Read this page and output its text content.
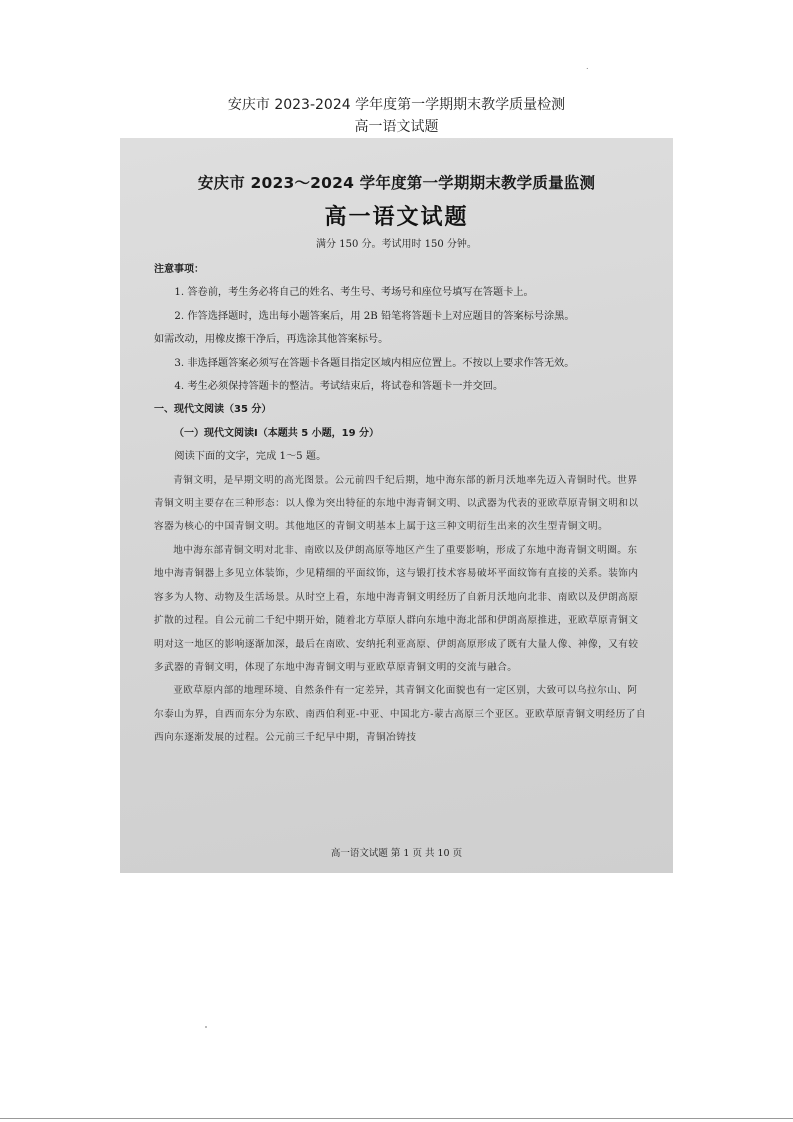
.
安庆市 2023-2024 学年度第一学期期末教学质量检测
高一语文试题
安庆市 2023～2024 学年度第一学期期末教学质量监测
高一语文试题
满分 150 分。考试用时 150 分钟。

注意事项：

1. 答卷前，考生务必将自己的姓名、考生号、考场号和座位号填写在答题卡上。

2. 作答选择题时，选出每小题答案后，用 2B 铅笔将答题卡上对应题目的答案标号涂黑。

如需改动，用橡皮擦干净后，再选涂其他答案标号。

3. 非选择题答案必须写在答题卡各题目指定区域内相应位置上。不按以上要求作答无效。

4. 考生必须保持答题卡的整洁。考试结束后，将试卷和答题卡一并交回。

一、现代文阅读（35 分）

（一）现代文阅读Ⅰ（本题共 5 小题，19 分）

阅读下面的文字，完成 1～5 题。

青铜文明，是早期文明的高光图景。公元前四千纪后期，地中海东部的新月沃地率先迈入青铜时代。世界青铜文明主要存在三种形态：以人像为突出特征的东地中海青铜文明、以武器为代表的亚欧草原青铜文明和以容器为核心的中国青铜文明。其他地区的青铜文明基本上属于这三种文明衍生出来的次生型青铜文明。

地中海东部青铜文明对北非、南欧以及伊朗高原等地区产生了重要影响，形成了东地中海青铜文明圈。东地中海青铜器上多见立体装饰，少见精细的平面纹饰，这与锻打技术容易破坏平面纹饰有直接的关系。装饰内容多为人物、动物及生活场景。从时空上看，东地中海青铜文明经历了自新月沃地向北非、南欧以及伊朗高原扩散的过程。自公元前二千纪中期开始，随着北方草原人群向东地中海北部和伊朗高原推进，亚欧草原青铜文明对这一地区的影响逐渐加深，最后在南欧、安纳托利亚高原、伊朗高原形成了既有大量人像、神像，又有较多武器的青铜文明，体现了东地中海青铜文明与亚欧草原青铜文明的交流与融合。

亚欧草原内部的地理环境、自然条件有一定差异，其青铜文化面貌也有一定区别，大致可以乌拉尔山、阿尔泰山为界，自西而东分为东欧、南西伯利亚-中亚、中国北方-蒙古高原三个亚区。亚欧草原青铜文明经历了自西向东逐渐发展的过程。公元前三千纪早中期，青铜冶铸技

高一语文试题 第 1 页 共 10 页
